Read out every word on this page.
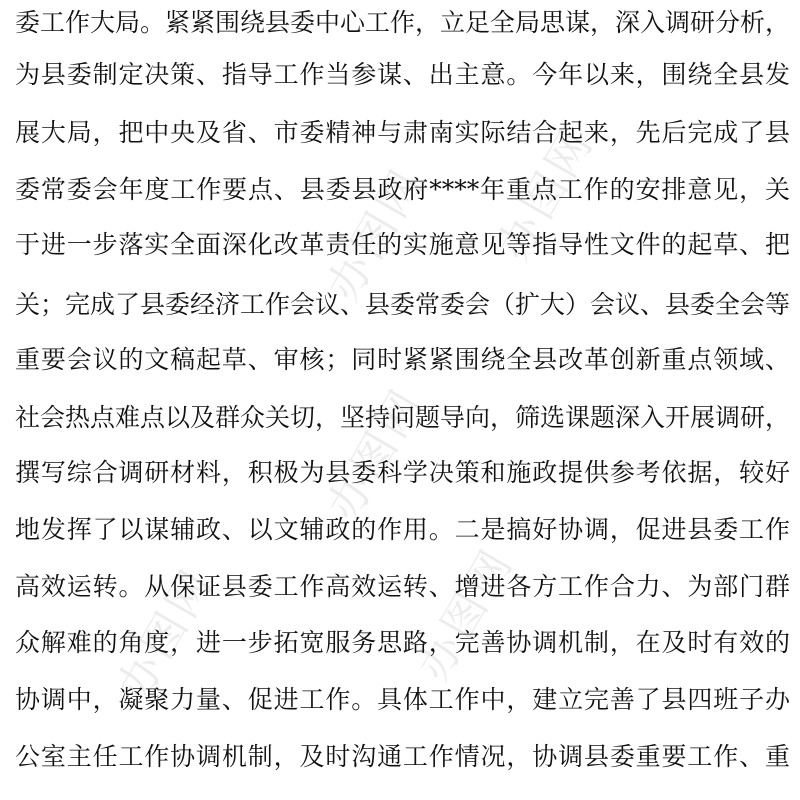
办图网 办图网
办图网
办图网	办图网
委工作大局。紧紧围绕县委中心工作，立足全局思谋，深入调研分析，
为县委制定决策、指导工作当参谋、出主意。今年以来，围绕全县发
展大局，把中央及省、市委精神与肃南实际结合起来，先后完成了县
委常委会年度工作要点、县委县政府****年重点工作的安排意见，关
于进一步落实全面深化改革责任的实施意见等指导性文件的起草、把
关；完成了县委经济工作会议、县委常委会（扩大）会议、县委全会等
重要会议的文稿起草、审核；同时紧紧围绕全县改革创新重点领域、
社会热点难点以及群众关切，坚持问题导向，筛选课题深入开展调研，
撰写综合调研材料，积极为县委科学决策和施政提供参考依据，较好
地发挥了以谋辅政、以文辅政的作用。二是搞好协调，促进县委工作
高效运转。从保证县委工作高效运转、增进各方工作合力、为部门群
众解难的角度，进一步拓宽服务思路，完善协调机制，在及时有效的
协调中，凝聚力量、促进工作。具体工作中，建立完善了县四班子办
公室主任工作协调机制，及时沟通工作情况，协调县委重要工作、重
